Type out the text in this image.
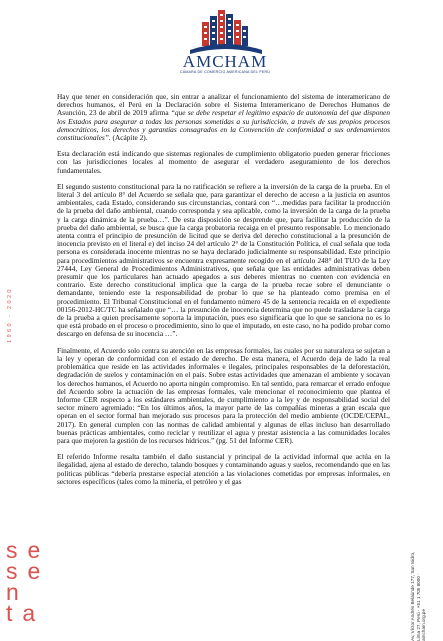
AMCHAM
CÁMARA DE COMERCIO AMERICANA DEL PERÚ
1960 - 2020
se
se
n
ta	Av. Víctor Andrés Belaúnde 177, San Isidro, Lima 27, Perú · +51 1 705 8000 · amcham.org.pe

Hay que tener en consideración que, sin entrar a analizar el funcionamiento del sistema de interamericano de derechos humanos, el Perú en la Declaración sobre el Sistema Interamericano de Derechos Humanos de Asunción, 23 de abril de 2019 afirma “que se debe respetar el legítimo espacio de autonomía del que disponen los Estados para asegurar a todas las personas sometidas a su jurisdicción, a través de sus propios procesos democráticos, los derechos y garantías consagrados en la Convención de conformidad a sus ordenamientos constitucionales”. (Acápite 2).

Esta declaración está indicando que sistemas regionales de cumplimiento obligatorio pueden generar fricciones con las jurisdicciones locales al momento de asegurar el verdadero aseguramiento de los derechos fundamentales.

El segundo sustento constitucional para la no ratificación se refiere a la inversión de la carga de la prueba. En el literal 3 del artículo 8° del Acuerdo se señala que, para garantizar el derecho de acceso a la justicia en asuntos ambientales, cada Estado, considerando sus circunstancias, contará con “…medidas para facilitar la producción de la prueba del daño ambiental, cuando corresponda y sea aplicable, como la inversión de la carga de la prueba y la carga dinámica de la prueba…”. De esta disposición se desprende que, para facilitar la producción de la prueba del daño ambiental, se busca que la carga probatoria recaiga en el presunto responsable. Lo mencionado atenta contra el principio de presunción de licitud que se deriva del derecho constitucional a la presunción de inocencia previsto en el literal e) del inciso 24 del artículo 2° de la Constitución Política, el cual señala que toda persona es considerada inocente mientras no se haya declarado judicialmente su responsabilidad. Este principio para procedimientos administrativos se encuentra expresamente recogido en el artículo 248° del TUO de la Ley 27444, Ley General de Procedimientos Administrativos, que señala que las entidades administrativas deben presumir que los particulares han actuado apegados a sus deberes mientras no cuenten con evidencia en contrario. Este derecho constitucional implica que la carga de la prueba recae sobre el denunciante o demandante, teniendo este la responsabilidad de probar lo que se ha planteado como premisa en el procedimiento. El Tribunal Constitucional en el fundamento número 45 de la sentencia recaída en el expediente 00156-2012-HC/TC ha señalado que “… la presunción de inocencia determina que no puede trasladarse la carga de la prueba a quien precisamente soporta la imputación, pues eso significaría que lo que se sanciona no es lo que está probado en el proceso o procedimiento, sino lo que el imputado, en este caso, no ha podido probar como descargo en defensa de su inocencia …”.

Finalmente, el Acuerdo solo centra su atención en las empresas formales, las cuales por su naturaleza se sujetan a la ley y operan de conformidad con el estado de derecho. De esta manera, el Acuerdo deja de lado la real problemática que reside en las actividades informales e ilegales, principales responsables de la deforestación, degradación de suelos y contaminación en el país. Sobre estas actividades que amenazan el ambiente y socavan los derechos humanos, el Acuerdo no aporta ningún compromiso. En tal sentido, para remarcar el errado enfoque del Acuerdo sobre la actuación de las empresas formales, vale mencionar el reconocimiento que plantea el Informe CER respecto a los estándares ambientales, de cumplimiento a la ley y de responsabilidad social del sector minero agremiado: “En los últimos años, la mayor parte de las compañías mineras a gran escala que operan en el sector formal han mejorado sus procesos para la protección del medio ambiente (OCDE/CEPAL, 2017). En general cumplen con las normas de calidad ambiental y algunas de ellas incluso han desarrollado buenas prácticas ambientales, como reciclar y reutilizar el agua y prestar asistencia a las comunidades locales para que mejoren la gestión de los recursos hídricos.” (pg. 51 del Informe CER).

El referido Informe resalta también el daño sustancial y principal de la actividad informal que actúa en la ilegalidad, ajena al estado de derecho, talando bosques y contaminando aguas y suelos, recomendando que en las políticas públicas “debería prestarse especial atención a las violaciones cometidas por empresas informales, en sectores específicos (tales como la minería, el petróleo y el gas
